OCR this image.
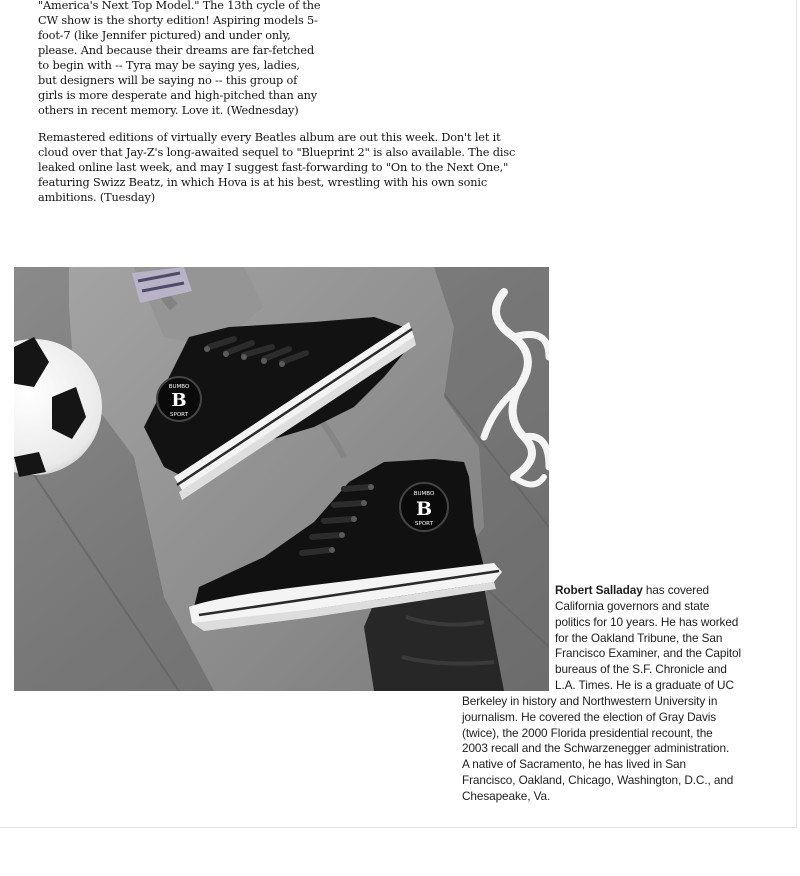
"America's Next Top Model." The 13th cycle of the
CW show is the shorty edition! Aspiring models 5-
foot-7 (like Jennifer pictured) and under only,
please. And because their dreams are far-fetched
to begin with -- Tyra may be saying yes, ladies,
but designers will be saying no -- this group of
girls is more desperate and high-pitched than any
others in recent memory. Love it. (Wednesday)

Remastered editions of virtually every Beatles album are out this week. Don't let it
cloud over that Jay-Z's long-awaited sequel to "Blueprint 2" is also available. The disc
leaked online last week, and may I suggest fast-forwarding to "On to the Next One,"
featuring Swizz Beatz, in which Hova is at his best, wrestling with his own sonic
ambitions. (Tuesday)

B
BUMBO
SPORT
B
BUMBO
SPORT
Robert Salladay has covered
California governors and state
politics for 10 years. He has worked
for the Oakland Tribune, the San
Francisco Examiner, and the Capitol
bureaus of the S.F. Chronicle and
L.A. Times. He is a graduate of UC
Berkeley in history and Northwestern University in
journalism. He covered the election of Gray Davis
(twice), the 2000 Florida presidential recount, the
2003 recall and the Schwarzenegger administration.
A native of Sacramento, he has lived in San
Francisco, Oakland, Chicago, Washington, D.C., and
Chesapeake, Va.
